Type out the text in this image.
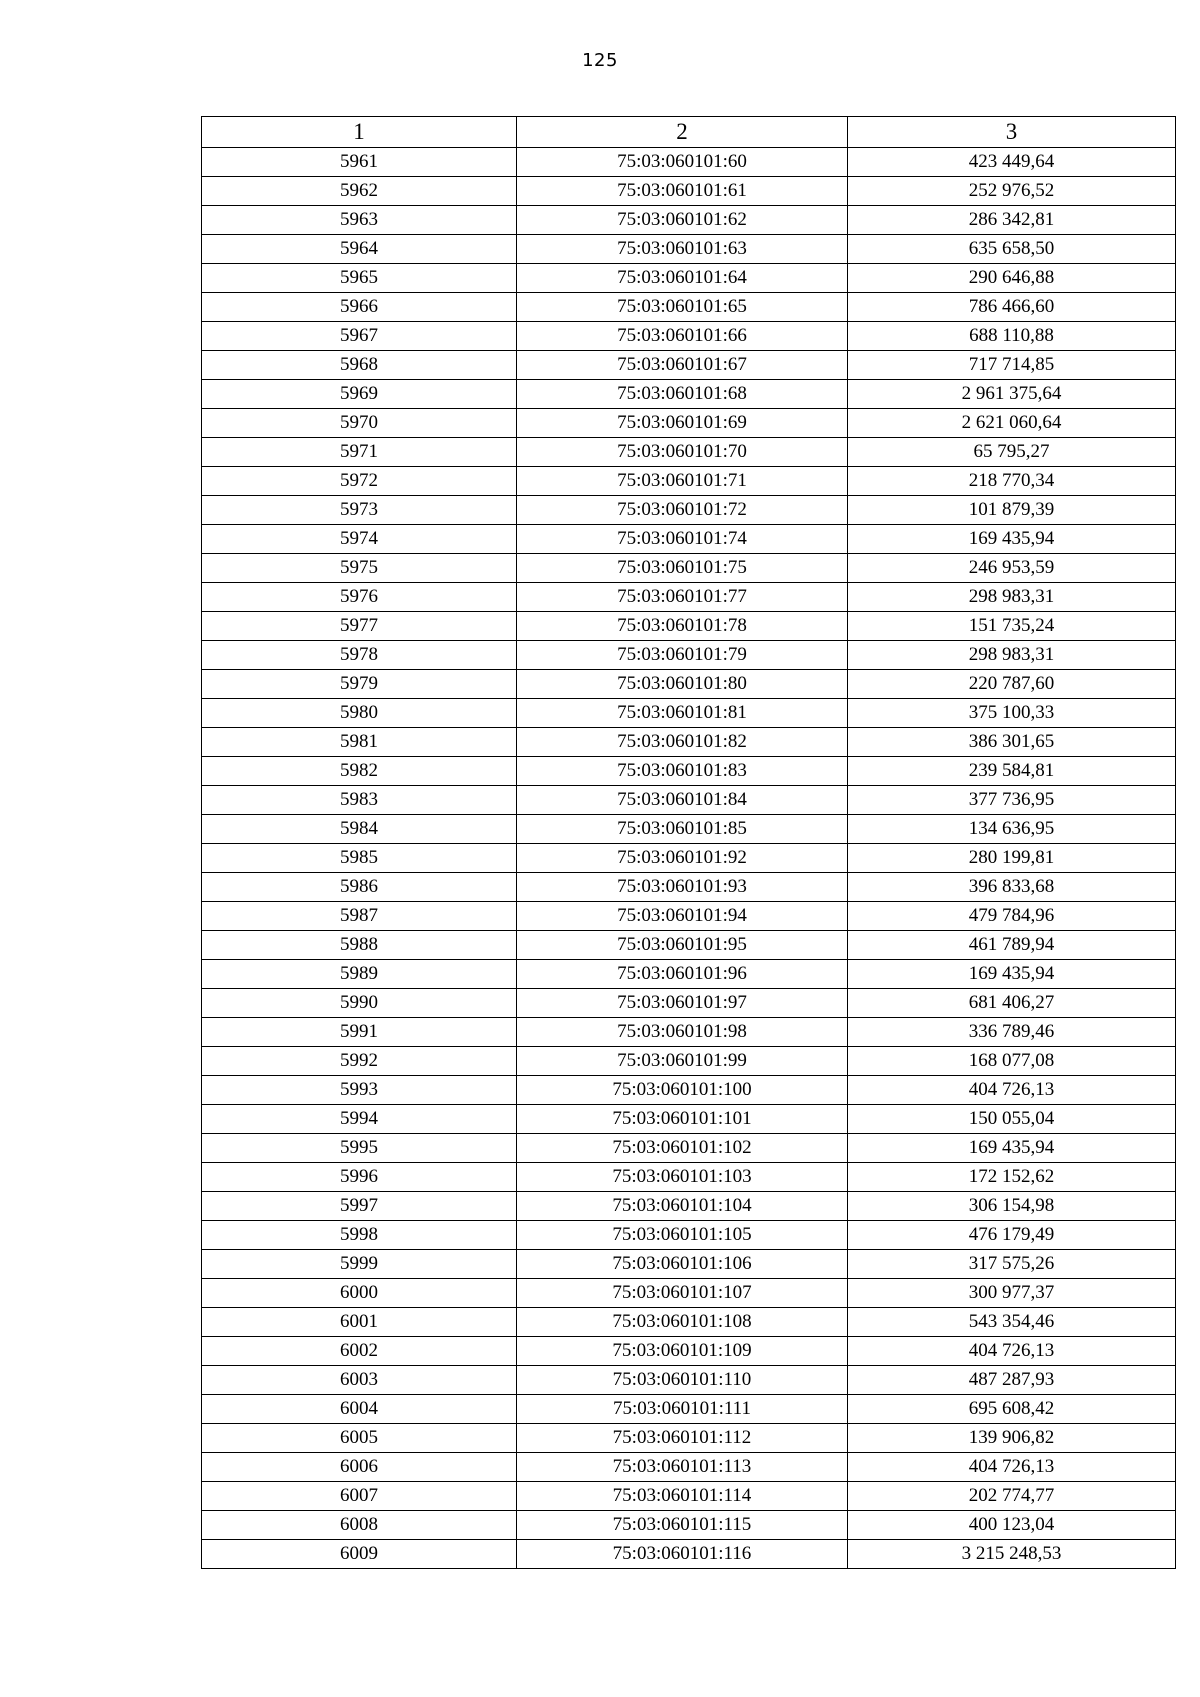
125
1	2	3
5961	75:03:060101:60	423 449,64
5962	75:03:060101:61	252 976,52
5963	75:03:060101:62	286 342,81
5964	75:03:060101:63	635 658,50
5965	75:03:060101:64	290 646,88
5966	75:03:060101:65	786 466,60
5967	75:03:060101:66	688 110,88
5968	75:03:060101:67	717 714,85
5969	75:03:060101:68	2 961 375,64
5970	75:03:060101:69	2 621 060,64
5971	75:03:060101:70	65 795,27
5972	75:03:060101:71	218 770,34
5973	75:03:060101:72	101 879,39
5974	75:03:060101:74	169 435,94
5975	75:03:060101:75	246 953,59
5976	75:03:060101:77	298 983,31
5977	75:03:060101:78	151 735,24
5978	75:03:060101:79	298 983,31
5979	75:03:060101:80	220 787,60
5980	75:03:060101:81	375 100,33
5981	75:03:060101:82	386 301,65
5982	75:03:060101:83	239 584,81
5983	75:03:060101:84	377 736,95
5984	75:03:060101:85	134 636,95
5985	75:03:060101:92	280 199,81
5986	75:03:060101:93	396 833,68
5987	75:03:060101:94	479 784,96
5988	75:03:060101:95	461 789,94
5989	75:03:060101:96	169 435,94
5990	75:03:060101:97	681 406,27
5991	75:03:060101:98	336 789,46
5992	75:03:060101:99	168 077,08
5993	75:03:060101:100	404 726,13
5994	75:03:060101:101	150 055,04
5995	75:03:060101:102	169 435,94
5996	75:03:060101:103	172 152,62
5997	75:03:060101:104	306 154,98
5998	75:03:060101:105	476 179,49
5999	75:03:060101:106	317 575,26
6000	75:03:060101:107	300 977,37
6001	75:03:060101:108	543 354,46
6002	75:03:060101:109	404 726,13
6003	75:03:060101:110	487 287,93
6004	75:03:060101:111	695 608,42
6005	75:03:060101:112	139 906,82
6006	75:03:060101:113	404 726,13
6007	75:03:060101:114	202 774,77
6008	75:03:060101:115	400 123,04
6009	75:03:060101:116	3 215 248,53
